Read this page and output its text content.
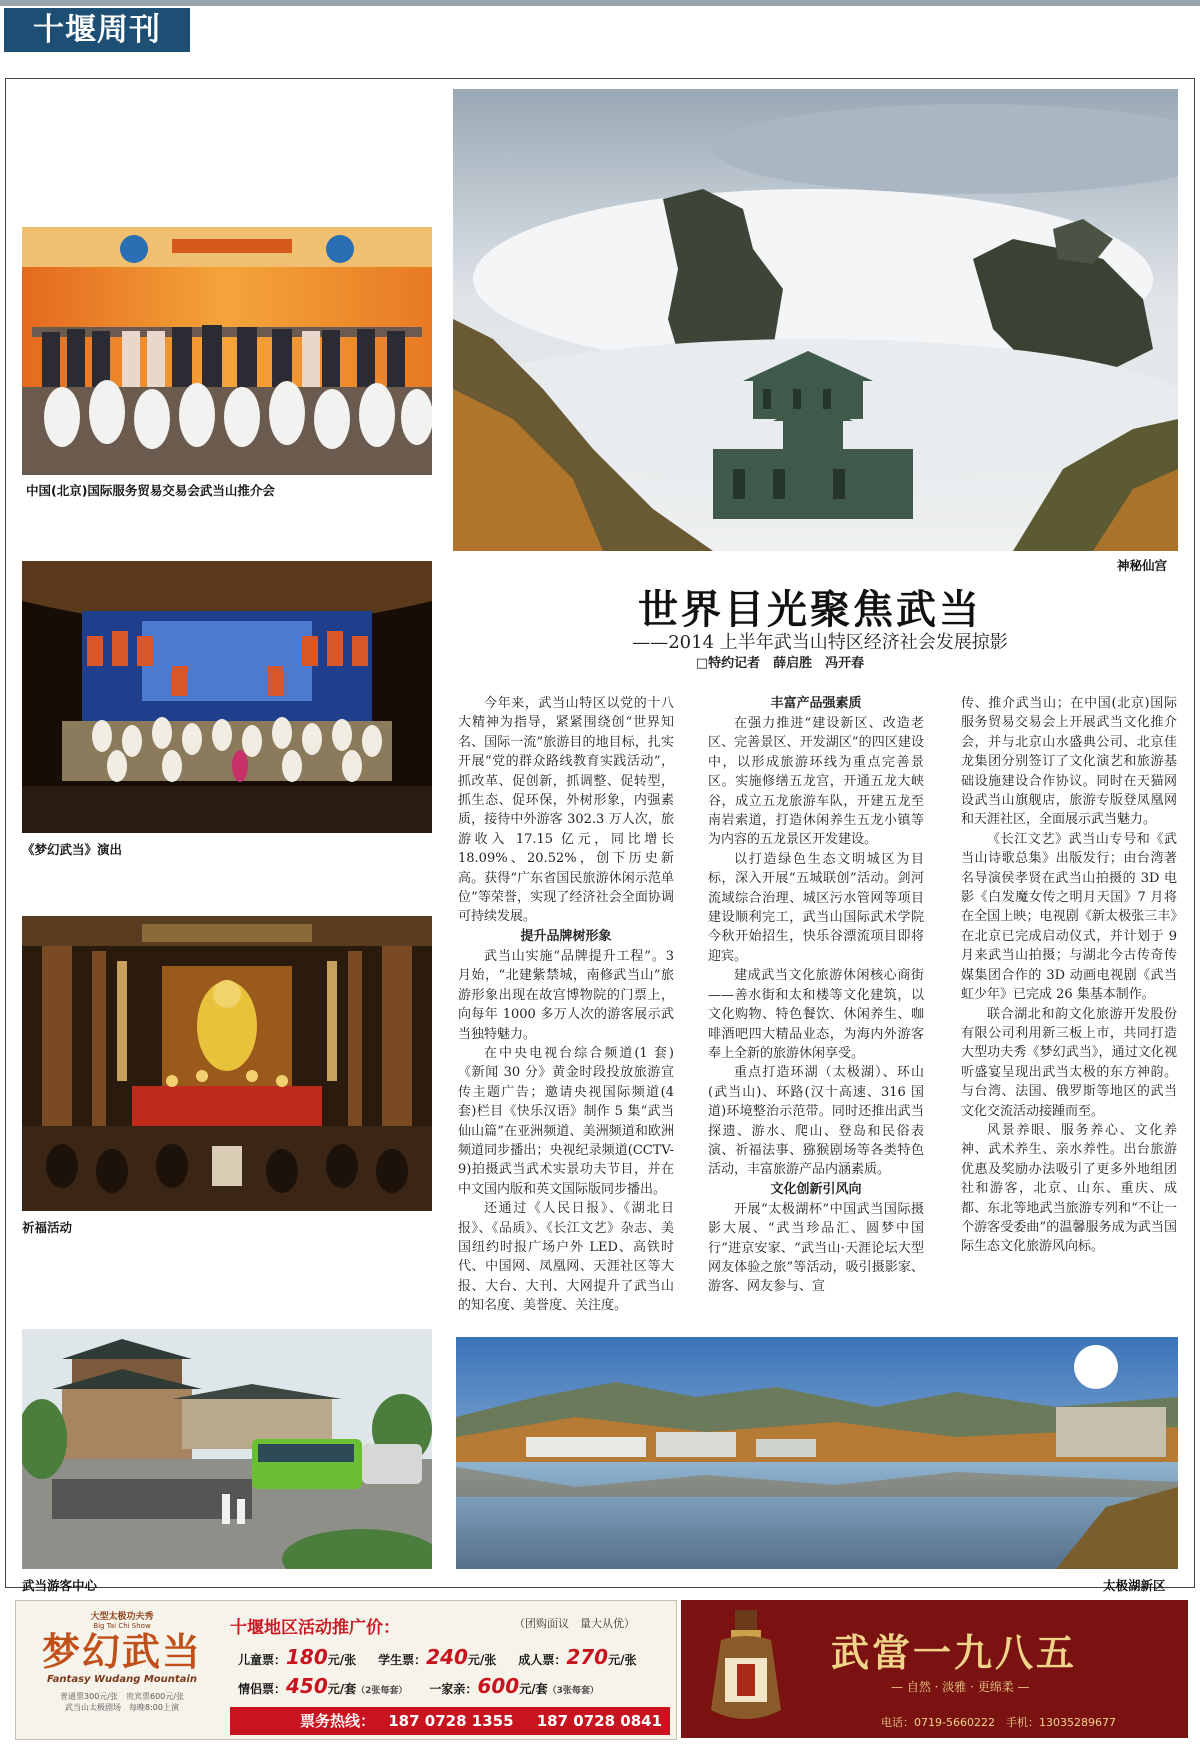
十堰周刊
中国(北京)国际服务贸易交易会武当山推介会
神秘仙宫
《梦幻武当》演出
祈福活动
武当游客中心	太极湖新区
世界目光聚焦武当
——2014 上半年武当山特区经济社会发展掠影
□特约记者　薛启胜　冯开春

今年来，武当山特区以党的十八大精神为指导，紧紧围绕创“世界知名、国际一流”旅游目的地目标，扎实开展“党的群众路线教育实践活动”，抓改革、促创新，抓调整、促转型，抓生态、促环保，外树形象，内强素质，接待中外游客 302.3 万人次，旅游收入 17.15 亿元，同比增长 18.09%、20.52%，创下历史新高。获得“广东省国民旅游休闲示范单位”等荣誉，实现了经济社会全面协调可持续发展。

提升品牌树形象

武当山实施“品牌提升工程”。3 月始，“北建紫禁城，南修武当山”旅游形象出现在故宫博物院的门票上，向每年 1000 多万人次的游客展示武当独特魅力。

在中央电视台综合频道(1 套)《新闻 30 分》黄金时段投放旅游宣传主题广告；邀请央视国际频道(4 套)栏目《快乐汉语》制作 5 集“武当仙山篇”在亚洲频道、美洲频道和欧洲频道同步播出；央视纪录频道(CCTV-9)拍摄武当武术实景功夫节目，并在中文国内版和英文国际版同步播出。

还通过《人民日报》、《湖北日报》、《品质》、《长江文艺》杂志、美国纽约时报广场户外 LED、高铁时代、中国网、凤凰网、天涯社区等大报、大台、大刊、大网提升了武当山的知名度、美誉度、关注度。

丰富产品强素质

在强力推进“建设新区、改造老区、完善景区、开发湖区”的四区建设中，以形成旅游环线为重点完善景区。实施修缮五龙宫，开通五龙大峡谷，成立五龙旅游车队，开建五龙至南岩索道，打造休闲养生五龙小镇等为内容的五龙景区开发建设。

以打造绿色生态文明城区为目标，深入开展“五城联创”活动。剑河流域综合治理、城区污水管网等项目建设顺利完工，武当山国际武术学院今秋开始招生，快乐谷漂流项目即将迎宾。

建成武当文化旅游休闲核心商街——善水街和太和楼等文化建筑，以文化购物、特色餐饮、休闲养生、咖啡酒吧四大精品业态，为海内外游客奉上全新的旅游休闲享受。

重点打造环湖（太极湖）、环山(武当山)、环路(汉十高速、316 国道)环境整治示范带。同时还推出武当探遗、游水、爬山、登岛和民俗表演、祈福法事、猕猴剧场等各类特色活动，丰富旅游产品内涵素质。

文化创新引风向

开展“太极湖杯”中国武当国际摄影大展、“武当珍品汇、圆梦中国行”进京安家、“武当山·天涯论坛大型网友体验之旅”等活动，吸引摄影家、游客、网友参与、宣

传、推介武当山；在中国(北京)国际服务贸易交易会上开展武当文化推介会，并与北京山水盛典公司、北京佳龙集团分别签订了文化演艺和旅游基础设施建设合作协议。同时在天猫网设武当山旗舰店，旅游专版登凤凰网和天涯社区，全面展示武当魅力。

《长江文艺》武当山专号和《武当山诗歌总集》出版发行；由台湾著名导演侯孝贤在武当山拍摄的 3D 电影《白发魔女传之明月天国》7 月将在全国上映；电视剧《新太极张三丰》在北京已完成启动仪式，并计划于 9 月来武当山拍摄；与湖北今古传奇传媒集团合作的 3D 动画电视剧《武当虹少年》已完成 26 集基本制作。

联合湖北和韵文化旅游开发股份有限公司利用新三板上市，共同打造大型功夫秀《梦幻武当》，通过文化视听盛宴呈现出武当太极的东方神韵。与台湾、法国、俄罗斯等地区的武当文化交流活动接踵而至。

风景养眼、服务养心、文化养神、武术养生、亲水养性。出台旅游优惠及奖励办法吸引了更多外地组团社和游客，北京、山东、重庆、成都、东北等地武当旅游专列和“不让一个游客受委曲”的温馨服务成为武当国际生态文化旅游风向标。

大型太极功夫秀
Big Tai Chi Show
梦幻武当
Fantasy Wudang Mountain
普通票300元/张　贵宾票600元/张
武当山太极剧场　每晚8:00上演
十堰地区活动推广价：	（团购面议　量大从优）
儿童票：180元/张 学生票：240元/张 成人票：270元/张
情侣票：450元/套（2张每套） 一家亲：600元/套（3张每套）
票务热线： 187 0728 1355 187 0728 0841
武當一九八五
— 自然 · 淡雅 · 更绵柔 —
电话：0719-5660222　手机：13035289677
